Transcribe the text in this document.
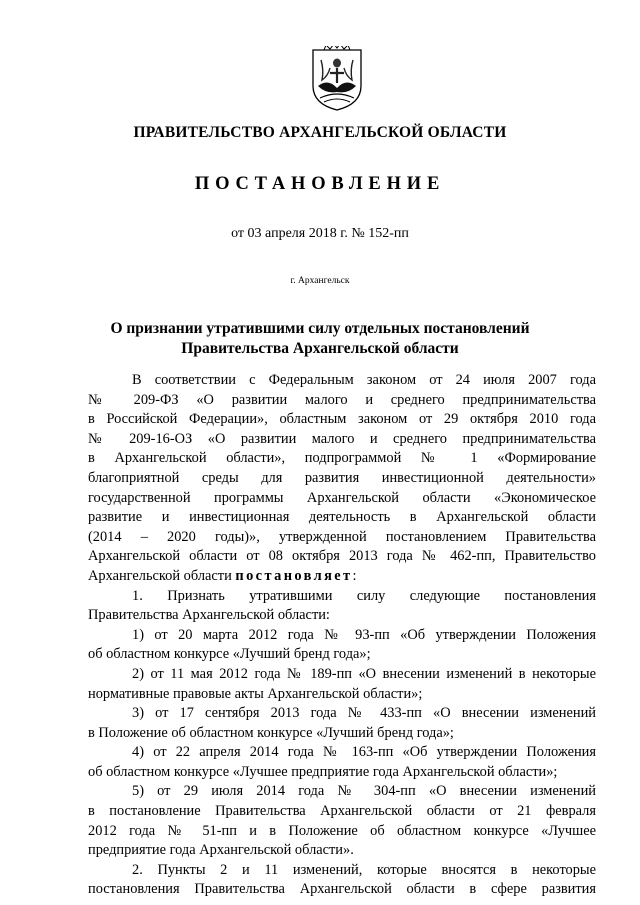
ПРАВИТЕЛЬСТВО АРХАНГЕЛЬСКОЙ ОБЛАСТИ
ПОСТАНОВЛЕНИЕ
от 03 апреля 2018 г. № 152-пп
г. Архангельск
О признании утратившими силу отдельных постановлений
Правительства Архангельской области
В соответствии с Федеральным законом от 24 июля 2007 года
№ 209-ФЗ «О развитии малого и среднего предпринимательства
в Российской Федерации», областным законом от 29 октября 2010 года
№ 209-16-ОЗ «О развитии малого и среднего предпринимательства
в Архангельской области», подпрограммой № 1 «Формирование
благоприятной среды для развития инвестиционной деятельности»
государственной программы Архангельской области «Экономическое
развитие и инвестиционная деятельность в Архангельской области
(2014 – 2020 годы)», утвержденной постановлением Правительства
Архангельской области от 08 октября 2013 года № 462-пп, Правительство
Архангельской области постановляет:
1. Признать утратившими силу следующие постановления
Правительства Архангельской области:
1) от 20 марта 2012 года № 93-пп «Об утверждении Положения
об областном конкурсе «Лучший бренд года»;
2) от 11 мая 2012 года № 189-пп «О внесении изменений в некоторые
нормативные правовые акты Архангельской области»;
3) от 17 сентября 2013 года № 433-пп «О внесении изменений
в Положение об областном конкурсе «Лучший бренд года»;
4) от 22 апреля 2014 года № 163-пп «Об утверждении Положения
об областном конкурсе «Лучшее предприятие года Архангельской области»;
5) от 29 июля 2014 года № 304-пп «О внесении изменений
в постановление Правительства Архангельской области от 21 февраля
2012 года № 51-пп и в Положение об областном конкурсе «Лучшее
предприятие года Архангельской области».
2. Пункты 2 и 11 изменений, которые вносятся в некоторые
постановления Правительства Архангельской области в сфере развития
